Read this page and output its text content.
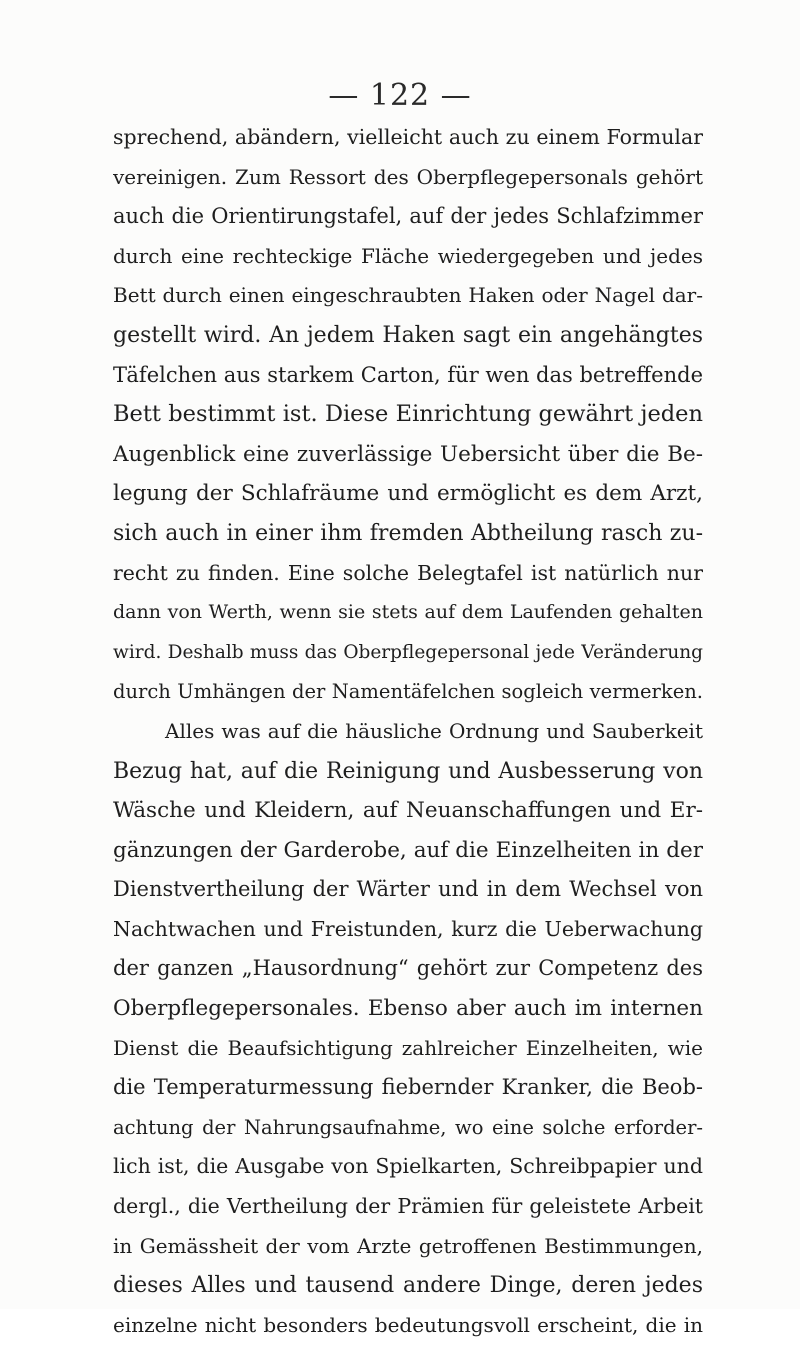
— 122 —
sprechend, abändern, vielleicht auch zu einem Formular
vereinigen. Zum Ressort des Oberpflegepersonals gehört
auch die Orientirungstafel, auf der jedes Schlafzimmer
durch eine rechteckige Fläche wiedergegeben und jedes
Bett durch einen eingeschraubten Haken oder Nagel dar-
gestellt wird. An jedem Haken sagt ein angehängtes
Täfelchen aus starkem Carton, für wen das betreffende
Bett bestimmt ist. Diese Einrichtung gewährt jeden
Augenblick eine zuverlässige Uebersicht über die Be-
legung der Schlafräume und ermöglicht es dem Arzt,
sich auch in einer ihm fremden Abtheilung rasch zu-
recht zu finden. Eine solche Belegtafel ist natürlich nur
dann von Werth, wenn sie stets auf dem Laufenden gehalten
wird. Deshalb muss das Oberpflegepersonal jede Veränderung
durch Umhängen der Namentäfelchen sogleich vermerken.
Alles was auf die häusliche Ordnung und Sauberkeit
Bezug hat, auf die Reinigung und Ausbesserung von
Wäsche und Kleidern, auf Neuanschaffungen und Er-
gänzungen der Garderobe, auf die Einzelheiten in der
Dienstvertheilung der Wärter und in dem Wechsel von
Nachtwachen und Freistunden, kurz die Ueberwachung
der ganzen „Hausordnung“ gehört zur Competenz des
Oberpflegepersonales. Ebenso aber auch im internen
Dienst die Beaufsichtigung zahlreicher Einzelheiten, wie
die Temperaturmessung fiebernder Kranker, die Beob-
achtung der Nahrungsaufnahme, wo eine solche erforder-
lich ist, die Ausgabe von Spielkarten, Schreibpapier und
dergl., die Vertheilung der Prämien für geleistete Arbeit
in Gemässheit der vom Arzte getroffenen Bestimmungen,
dieses Alles und tausend andere Dinge, deren jedes
einzelne nicht besonders bedeutungsvoll erscheint, die in
